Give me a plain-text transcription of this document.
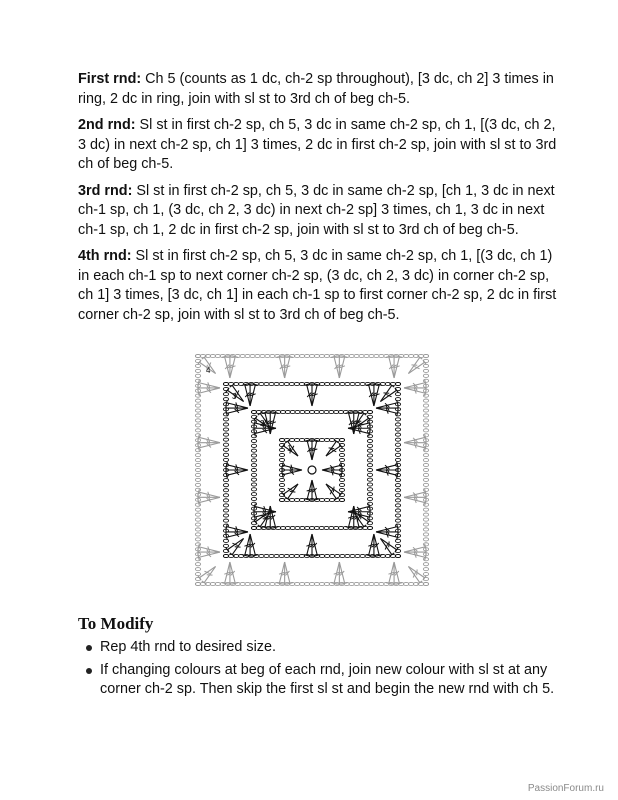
First rnd: Ch 5 (counts as 1 dc, ch-2 sp throughout), [3 dc, ch 2] 3 times in ring, 2 dc in ring, join with sl st to 3rd ch of beg ch-5.

2nd rnd: Sl st in first ch-2 sp, ch 5, 3 dc in same ch-2 sp, ch 1, [(3 dc, ch 2, 3 dc) in next ch-2 sp, ch 1] 3 times, 2 dc in first ch-2 sp, join with sl st to 3rd ch of beg ch-5.

3rd rnd: Sl st in first ch-2 sp, ch 5, 3 dc in same ch-2 sp, [ch 1, 3 dc in next ch-1 sp, ch 1, (3 dc, ch 2, 3 dc) in next ch-2 sp] 3 times, ch 1, 3 dc in next ch-1 sp, ch 1, 2 dc in first ch-2 sp, join with sl st to 3rd ch of beg ch-5.

4th rnd: Sl st in first ch-2 sp, ch 5, 3 dc in same ch-2 sp, ch 1, [(3 dc, ch 1) in each ch-1 sp to next corner ch-2 sp, (3 dc, ch 2, 3 dc) in corner ch-2 sp, ch 1] 3 times, [3 dc, ch 1] in each ch-1 sp to first corner ch-2 sp, 2 dc in first corner ch-2 sp, join with sl st to 3rd ch of beg ch-5.

1
2
3
4
To Modify
Rep 4th rnd to desired size.
If changing colours at beg of each rnd, join new colour with sl st at any corner ch-2 sp. Then skip the first sl st and begin the new rnd with ch 5.
PassionForum.ru
